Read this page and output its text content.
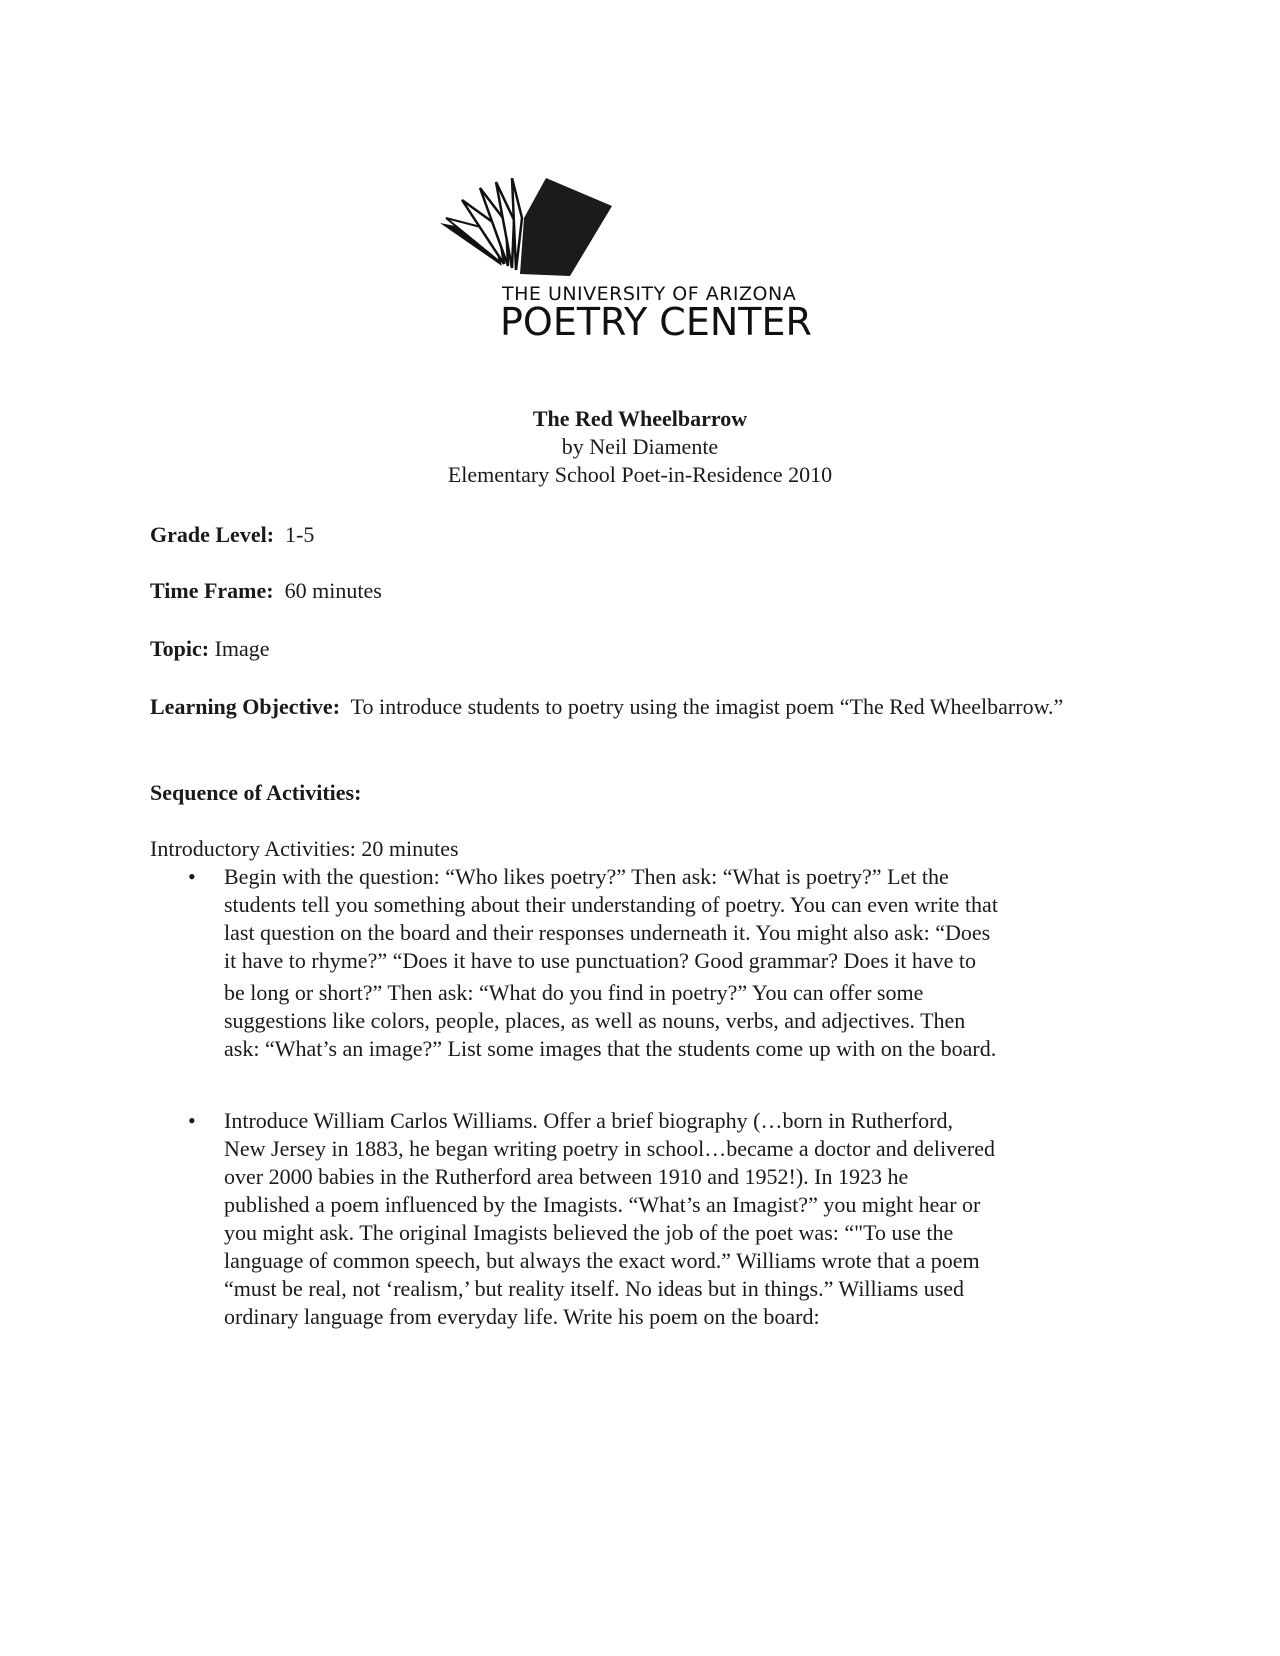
THE UNIVERSITY OF ARIZONA
POETRY CENTER
The Red Wheelbarrow
by Neil Diamente
Elementary School Poet-in-Residence 2010
Grade Level: 1-5
Time Frame: 60 minutes
Topic: Image
Learning Objective: To introduce students to poetry using the imagist poem “The Red Wheelbarrow.”
Sequence of Activities:
Introductory Activities: 20 minutes
• Begin with the question: “Who likes poetry?” Then ask: “What is poetry?” Let the
students tell you something about their understanding of poetry. You can even write that
last question on the board and their responses underneath it. You might also ask: “Does
it have to rhyme?” “Does it have to use punctuation? Good grammar? Does it have to
be long or short?” Then ask: “What do you find in poetry?” You can offer some
suggestions like colors, people, places, as well as nouns, verbs, and adjectives. Then
ask: “What’s an image?” List some images that the students come up with on the board.
• Introduce William Carlos Williams. Offer a brief biography (…born in Rutherford,
New Jersey in 1883, he began writing poetry in school…became a doctor and delivered
over 2000 babies in the Rutherford area between 1910 and 1952!). In 1923 he
published a poem influenced by the Imagists. “What’s an Imagist?” you might hear or
you might ask. The original Imagists believed the job of the poet was: “"To use the
language of common speech, but always the exact word.” Williams wrote that a poem
“must be real, not ‘realism,’ but reality itself. No ideas but in things.” Williams used
ordinary language from everyday life. Write his poem on the board:
